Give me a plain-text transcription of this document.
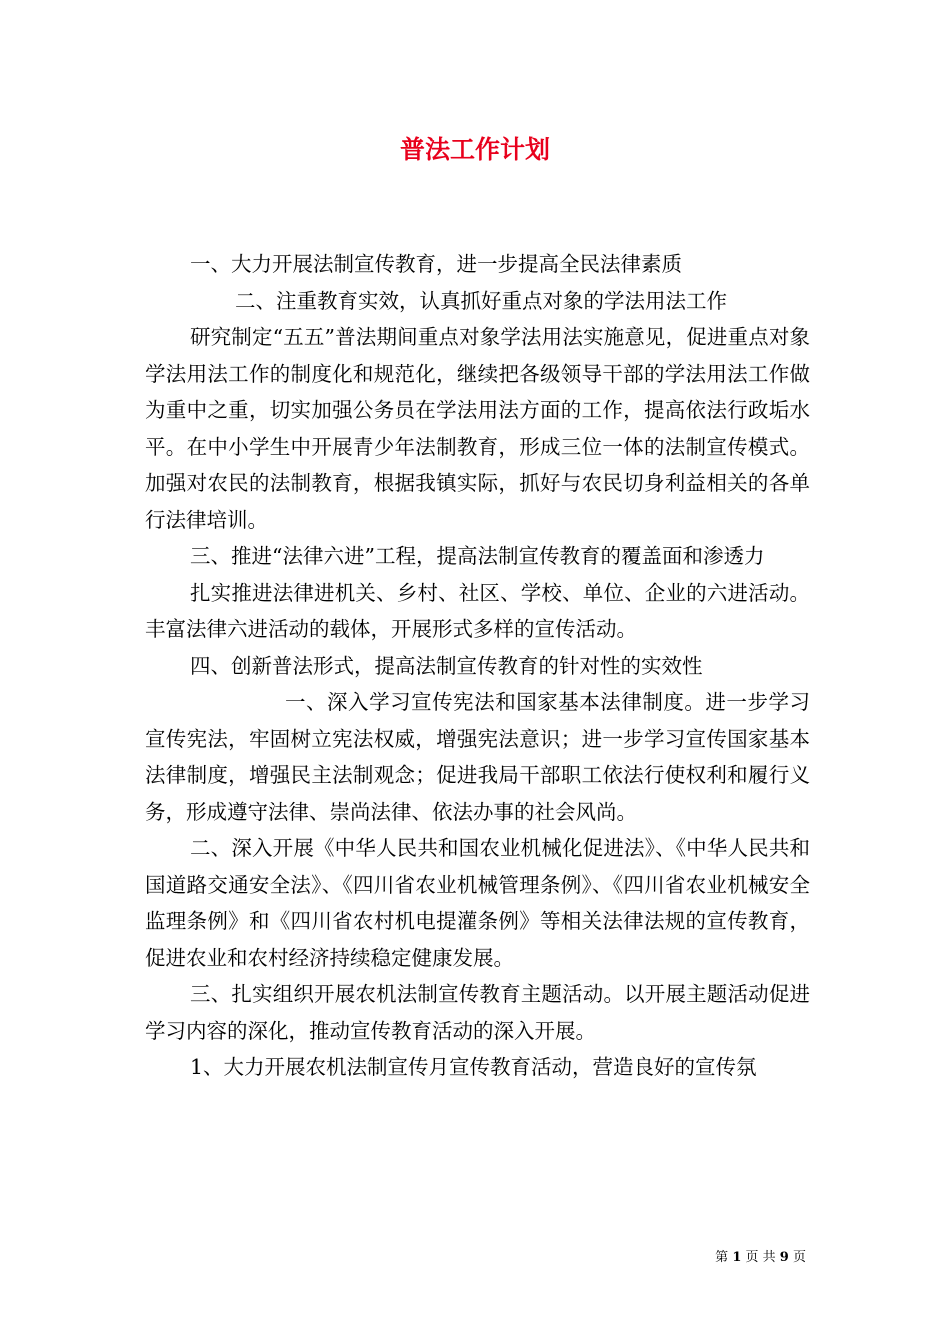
普法工作计划

一、大力开展法制宣传教育，进一步提高全民法律素质

二、注重教育实效，认真抓好重点对象的学法用法工作

研究制定“五五”普法期间重点对象学法用法实施意见，促进重点对象学法用法工作的制度化和规范化，继续把各级领导干部的学法用法工作做为重中之重，切实加强公务员在学法用法方面的工作，提高依法行政垢水平。在中小学生中开展青少年法制教育，形成三位一体的法制宣传模式。加强对农民的法制教育，根据我镇实际，抓好与农民切身利益相关的各单行法律培训。

三、推进“法律六进”工程，提高法制宣传教育的覆盖面和渗透力

扎实推进法律进机关、乡村、社区、学校、单位、企业的六进活动。丰富法律六进活动的载体，开展形式多样的宣传活动。

四、创新普法形式，提高法制宣传教育的针对性的实效性

一、深入学习宣传宪法和国家基本法律制度。进一步学习宣传宪法，牢固树立宪法权威，增强宪法意识；进一步学习宣传国家基本法律制度，增强民主法制观念；促进我局干部职工依法行使权利和履行义务，形成遵守法律、崇尚法律、依法办事的社会风尚。

二、深入开展《中华人民共和国农业机械化促进法》、《中华人民共和国道路交通安全法》、《四川省农业机械管理条例》、《四川省农业机械安全监理条例》和《四川省农村机电提灌条例》等相关法律法规的宣传教育，促进农业和农村经济持续稳定健康发展。

三、扎实组织开展农机法制宣传教育主题活动。以开展主题活动促进学习内容的深化，推动宣传教育活动的深入开展。

1、大力开展农机法制宣传月宣传教育活动，营造良好的宣传氛

第 1 页 共 9 页
